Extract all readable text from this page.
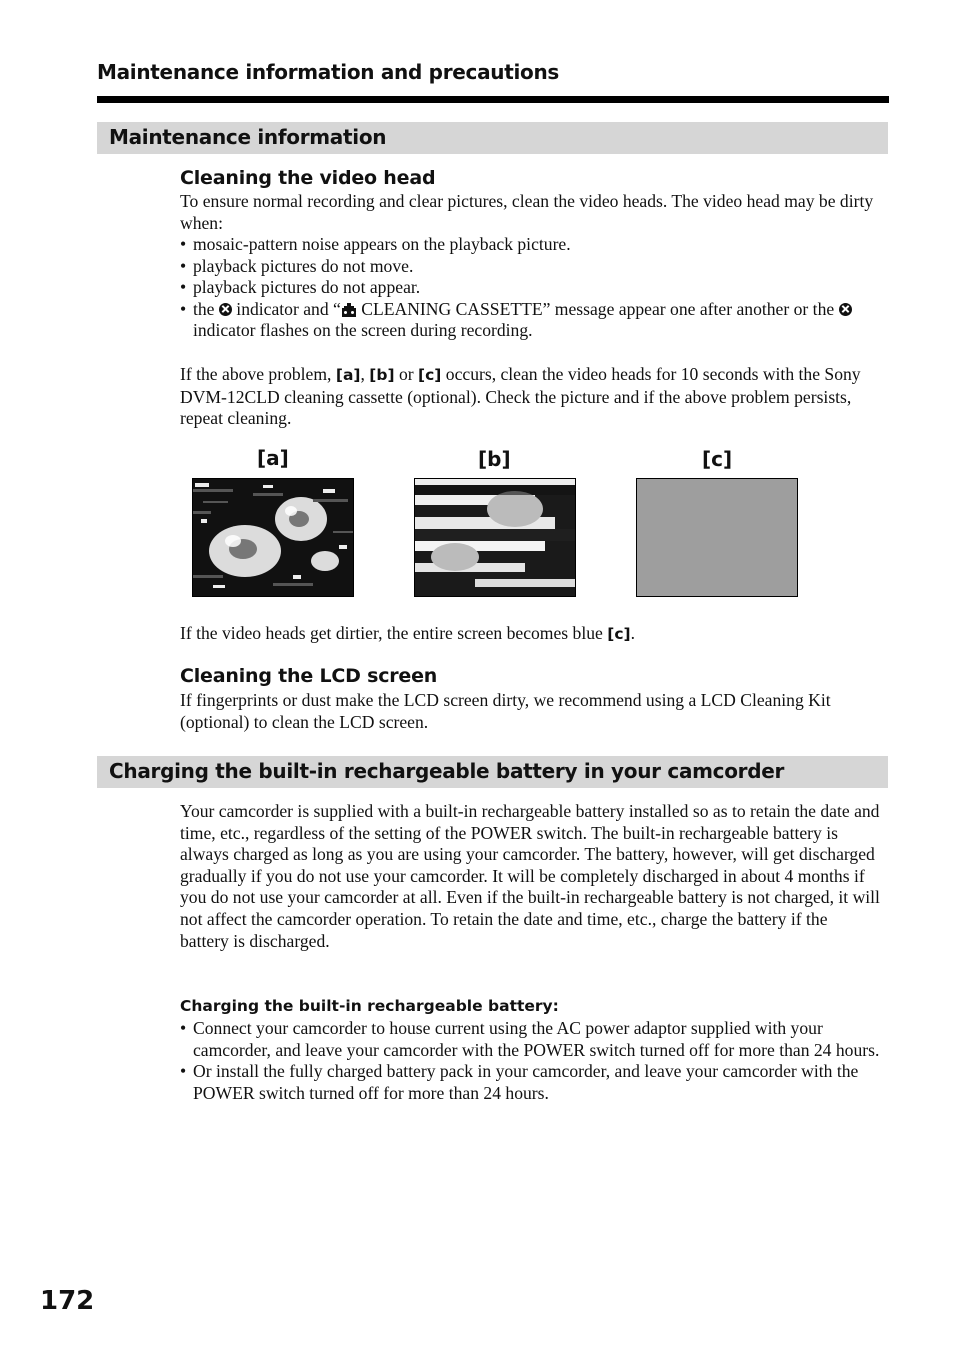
Maintenance information and precautions
Maintenance information
Cleaning the video head
To ensure normal recording and clear pictures, clean the video heads. The video head may be dirty when:
• mosaic-pattern noise appears on the playback picture.
• playback pictures do not move.
• playback pictures do not appear.
• the  indicator and “
CLEANING CASSETTE” message appear one after another or the  indicator flashes on the screen during recording.
If the above problem, [a], [b] or [c] occurs, clean the video heads for 10 seconds with the Sony DVM-12CLD cleaning cassette (optional). Check the picture and if the above problem persists, repeat cleaning.
[a]	[b]	[c]
If the video heads get dirtier, the entire screen becomes blue [c].
Cleaning the LCD screen
If fingerprints or dust make the LCD screen dirty, we recommend using a LCD Cleaning Kit (optional) to clean the LCD screen.
Charging the built-in rechargeable battery in your camcorder
Your camcorder is supplied with a built-in rechargeable battery installed so as to retain the date and time, etc., regardless of the setting of the POWER switch. The built-in rechargeable battery is always charged as long as you are using your camcorder. The battery, however, will get discharged gradually if you do not use your camcorder. It will be completely discharged in about 4 months if you do not use your camcorder at all. Even if the built-in rechargeable battery is not charged, it will not affect the camcorder operation. To retain the date and time, etc., charge the battery if the battery is discharged.
Charging the built-in rechargeable battery:
• Connect your camcorder to house current using the AC power adaptor supplied with your camcorder, and leave your camcorder with the POWER switch turned off for more than 24 hours.
• Or install the fully charged battery pack in your camcorder, and leave your camcorder with the POWER switch turned off for more than 24 hours.
172
